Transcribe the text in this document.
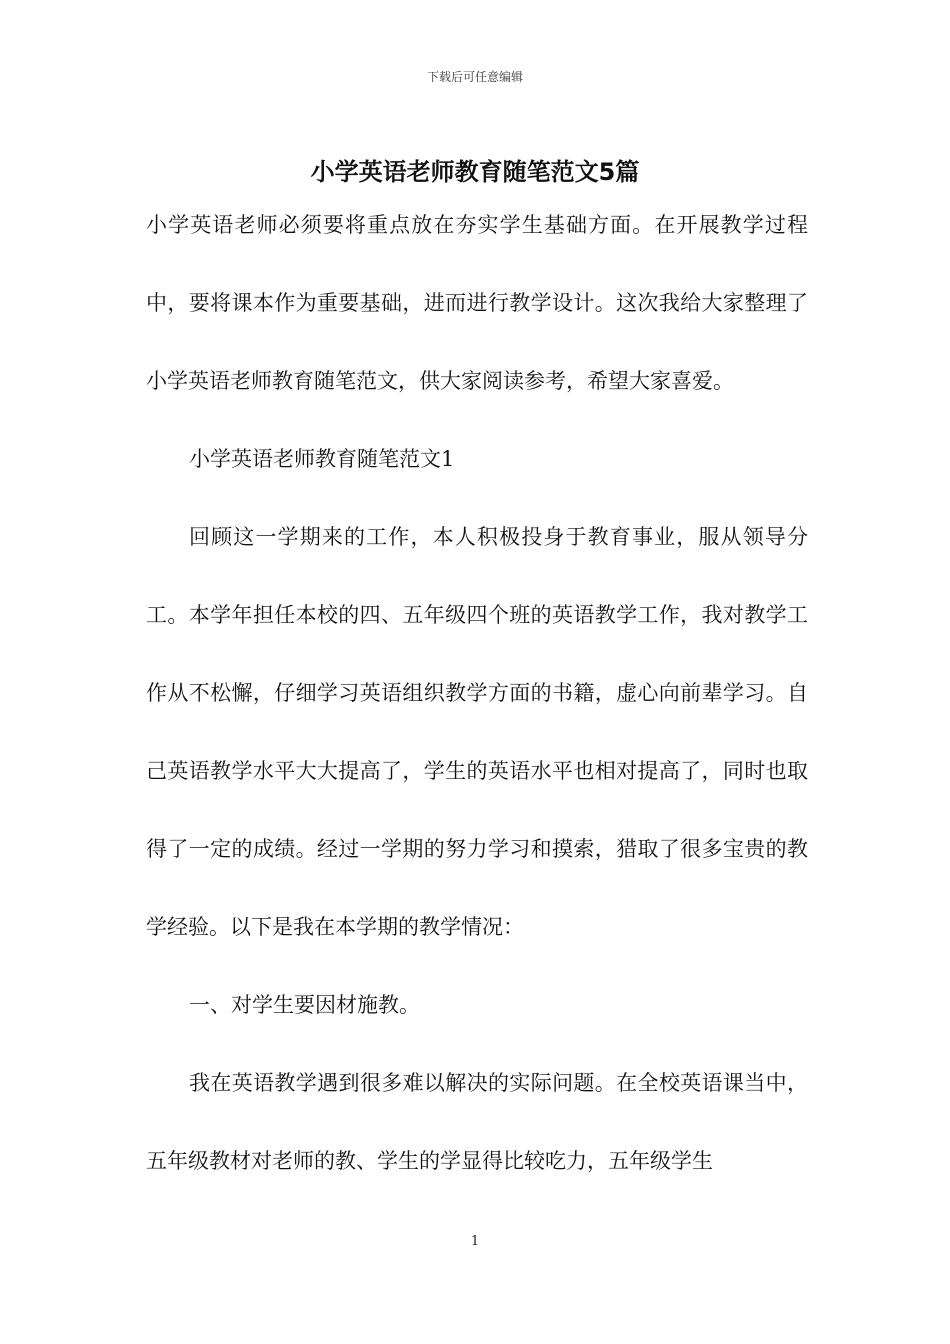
下载后可任意编辑
小学英语老师教育随笔范文5篇

小学英语老师必须要将重点放在夯实学生基础方面。在开展教学过程中，要将课本作为重要基础，进而进行教学设计。这次我给大家整理了小学英语老师教育随笔范文，供大家阅读参考，希望大家喜爱。

小学英语老师教育随笔范文1

回顾这一学期来的工作，本人积极投身于教育事业，服从领导分工。本学年担任本校的四、五年级四个班的英语教学工作，我对教学工作从不松懈，仔细学习英语组织教学方面的书籍，虚心向前辈学习。自己英语教学水平大大提高了，学生的英语水平也相对提高了，同时也取得了一定的成绩。经过一学期的努力学习和摸索，猎取了很多宝贵的教学经验。以下是我在本学期的教学情况：

一、对学生要因材施教。

我在英语教学遇到很多难以解决的实际问题。在全校英语课当中，五年级教材对老师的教、学生的学显得比较吃力，五年级学生

1
